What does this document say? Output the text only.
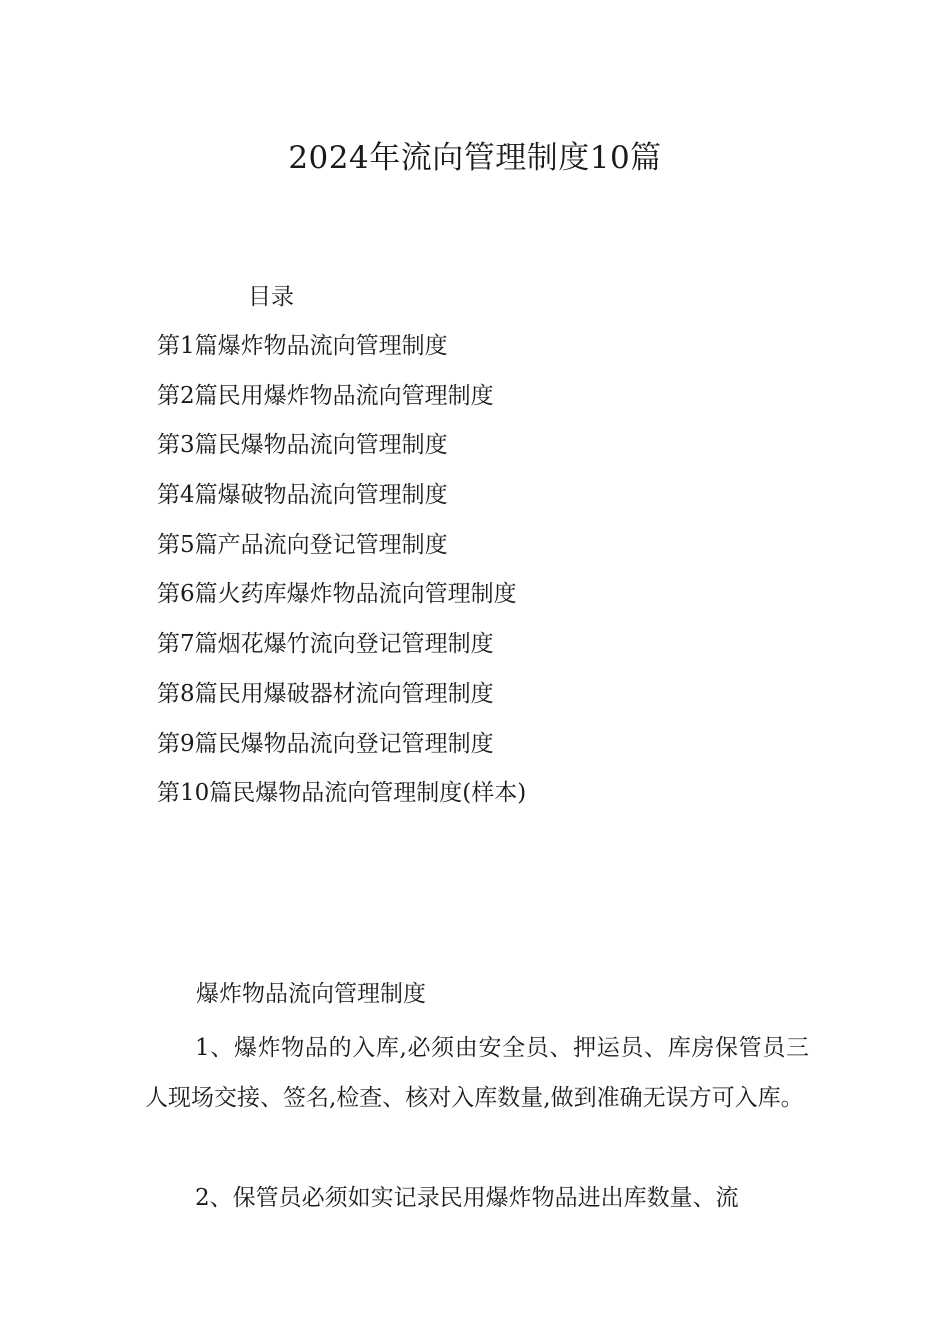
2024年流向管理制度10篇
目录
第1篇爆炸物品流向管理制度
第2篇民用爆炸物品流向管理制度
第3篇民爆物品流向管理制度
第4篇爆破物品流向管理制度
第5篇产品流向登记管理制度
第6篇火药库爆炸物品流向管理制度
第7篇烟花爆竹流向登记管理制度
第8篇民用爆破器材流向管理制度
第9篇民爆物品流向登记管理制度
第10篇民爆物品流向管理制度(样本)
爆炸物品流向管理制度

1、爆炸物品的入库,必须由安全员、押运员、库房保管员三人现场交接、签名,检查、核对入库数量,做到准确无误方可入库。

2、保管员必须如实记录民用爆炸物品进出库数量、流
